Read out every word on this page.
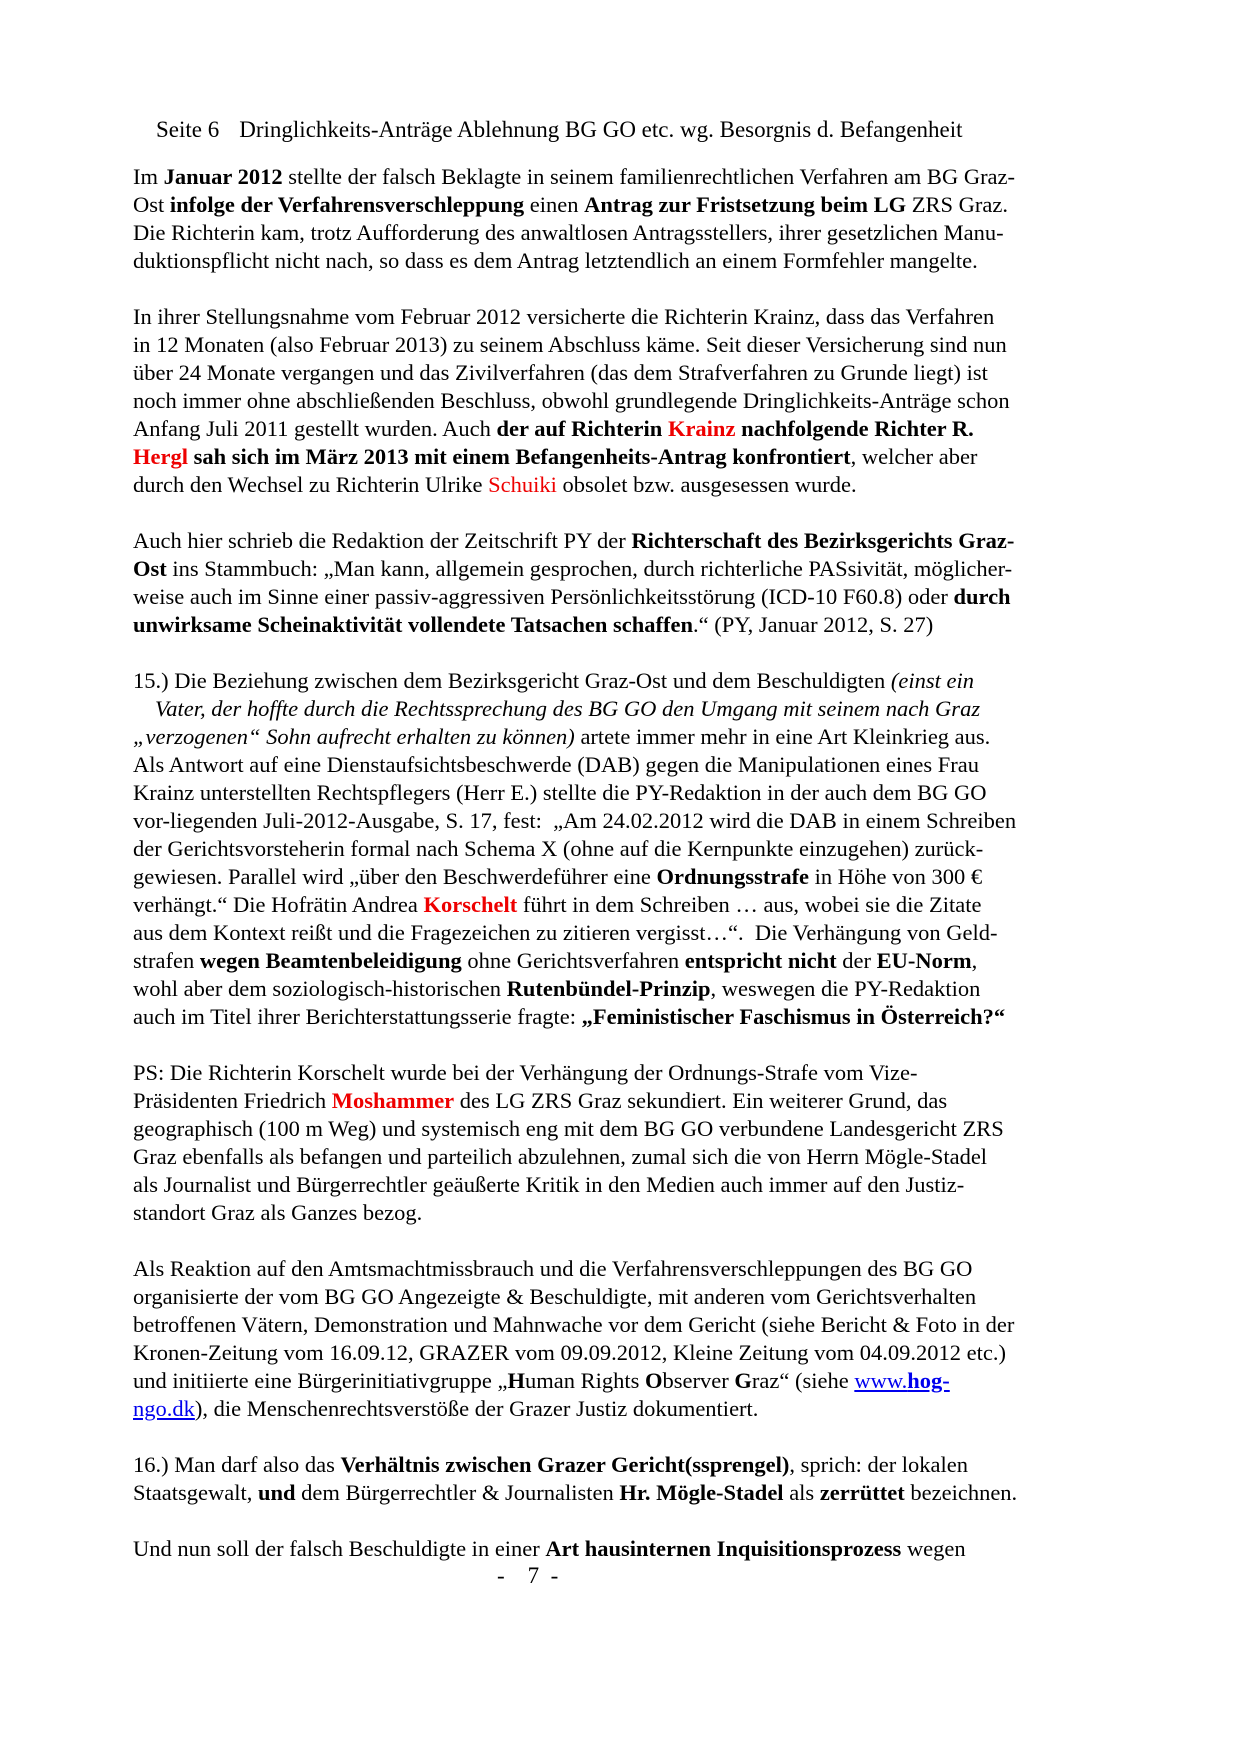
Seite 6 Dringlichkeits-Anträge Ablehnung BG GO etc. wg. Besorgnis d. Befangenheit

Im Januar 2012 stellte der falsch Beklagte in seinem familienrechtlichen Verfahren am BG Graz-
Ost infolge der Verfahrensverschleppung einen Antrag zur Fristsetzung beim LG ZRS Graz.
Die Richterin kam, trotz Aufforderung des anwaltlosen Antragsstellers, ihrer gesetzlichen Manu-
duktionspflicht nicht nach, so dass es dem Antrag letztendlich an einem Formfehler mangelte.
In ihrer Stellungsnahme vom Februar 2012 versicherte die Richterin Krainz, dass das Verfahren
in 12 Monaten (also Februar 2013) zu seinem Abschluss käme. Seit dieser Versicherung sind nun
über 24 Monate vergangen und das Zivilverfahren (das dem Strafverfahren zu Grunde liegt) ist
noch immer ohne abschließenden Beschluss, obwohl grundlegende Dringlichkeits-Anträge schon
Anfang Juli 2011 gestellt wurden. Auch der auf Richterin Krainz nachfolgende Richter R.
Hergl sah sich im März 2013 mit einem Befangenheits-Antrag konfrontiert, welcher aber
durch den Wechsel zu Richterin Ulrike Schuiki obsolet bzw. ausgesessen wurde.
Auch hier schrieb die Redaktion der Zeitschrift PY der Richterschaft des Bezirksgerichts Graz-
Ost ins Stammbuch: „Man kann, allgemein gesprochen, durch richterliche PASsivität, möglicher-
weise auch im Sinne einer passiv-aggressiven Persönlichkeitsstörung (ICD-10 F60.8) oder durch
unwirksame Scheinaktivität vollendete Tatsachen schaffen.“ (PY, Januar 2012, S. 27)
15.) Die Beziehung zwischen dem Bezirksgericht Graz-Ost und dem Beschuldigten (einst ein
Vater, der hoffte durch die Rechtssprechung des BG GO den Umgang mit seinem nach Graz
„verzogenen“ Sohn aufrecht erhalten zu können) artete immer mehr in eine Art Kleinkrieg aus.
Als Antwort auf eine Dienstaufsichtsbeschwerde (DAB) gegen die Manipulationen eines Frau
Krainz unterstellten Rechtspflegers (Herr E.) stellte die PY-Redaktion in der auch dem BG GO
vor-liegenden Juli-2012-Ausgabe, S. 17, fest:  „Am 24.02.2012 wird die DAB in einem Schreiben
der Gerichtsvorsteherin formal nach Schema X (ohne auf die Kernpunkte einzugehen) zurück-
gewiesen. Parallel wird „über den Beschwerdeführer eine Ordnungsstrafe in Höhe von 300 €
verhängt.“ Die Hofrätin Andrea Korschelt führt in dem Schreiben … aus, wobei sie die Zitate
aus dem Kontext reißt und die Fragezeichen zu zitieren vergisst…“.  Die Verhängung von Geld-
strafen wegen Beamtenbeleidigung ohne Gerichtsverfahren entspricht nicht der EU-Norm,
wohl aber dem soziologisch-historischen Rutenbündel-Prinzip, weswegen die PY-Redaktion
auch im Titel ihrer Berichterstattungsserie fragte: „Feministischer Faschismus in Österreich?“
PS: Die Richterin Korschelt wurde bei der Verhängung der Ordnungs-Strafe vom Vize-
Präsidenten Friedrich Moshammer des LG ZRS Graz sekundiert. Ein weiterer Grund, das
geographisch (100 m Weg) und systemisch eng mit dem BG GO verbundene Landesgericht ZRS
Graz ebenfalls als befangen und parteilich abzulehnen, zumal sich die von Herrn Mögle-Stadel
als Journalist und Bürgerrechtler geäußerte Kritik in den Medien auch immer auf den Justiz-
standort Graz als Ganzes bezog.
Als Reaktion auf den Amtsmachtmissbrauch und die Verfahrensverschleppungen des BG GO
organisierte der vom BG GO Angezeigte & Beschuldigte, mit anderen vom Gerichtsverhalten
betroffenen Vätern, Demonstration und Mahnwache vor dem Gericht (siehe Bericht & Foto in der
Kronen-Zeitung vom 16.09.12, GRAZER vom 09.09.2012, Kleine Zeitung vom 04.09.2012 etc.)
und initiierte eine Bürgerinitiativgruppe „Human Rights Observer Graz“ (siehe www.hog-
ngo.dk), die Menschenrechtsverstöße der Grazer Justiz dokumentiert.
16.) Man darf also das Verhältnis zwischen Grazer Gericht(ssprengel), sprich: der lokalen
Staatsgewalt, und dem Bürgerrechtler & Journalisten Hr. Mögle-Stadel als zerrüttet bezeichnen.
Und nun soll der falsch Beschuldigte in einer Art hausinternen Inquisitionsprozess wegen
-    7  -
